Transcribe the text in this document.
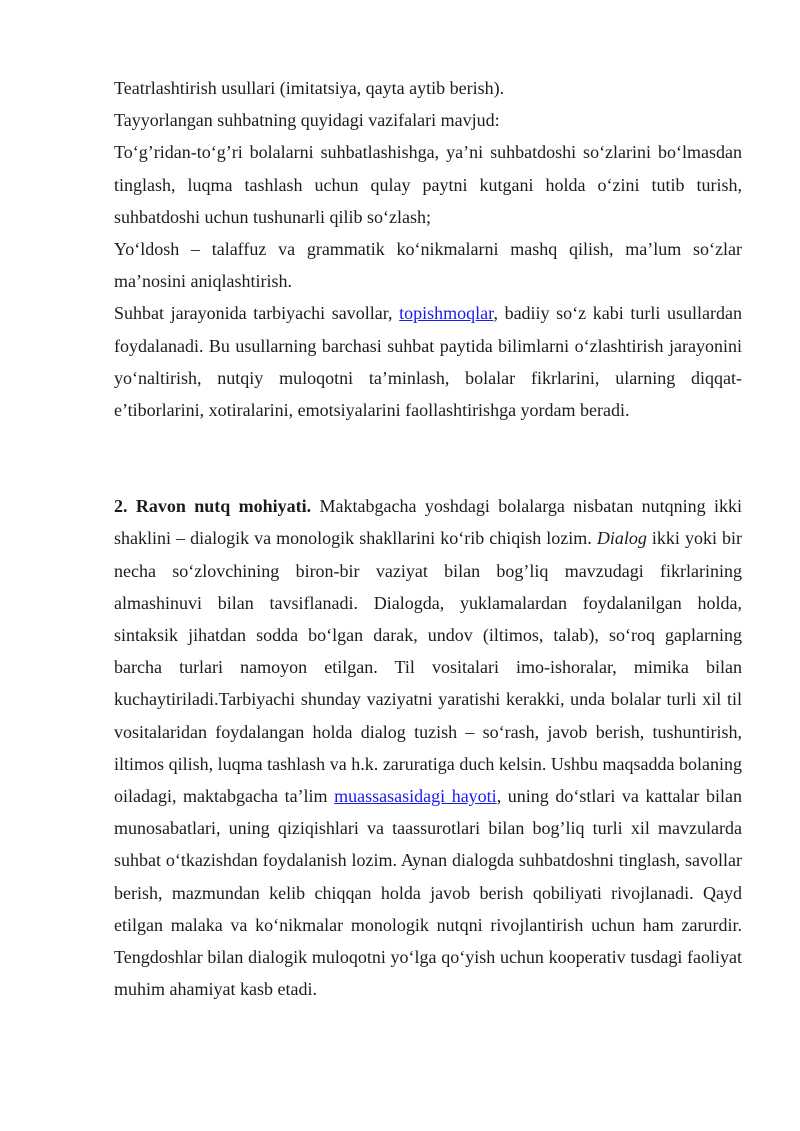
Teatrlashtirish usullari (imitatsiya, qayta aytib berish).

Tayyorlangan suhbatning quyidagi vazifalari mavjud:

To‘g’ridan-to‘g’ri bolalarni suhbatlashishga, ya’ni suhbatdoshi so‘zlarini bo‘lmasdan tinglash, luqma tashlash uchun qulay paytni kutgani holda o‘zini tutib turish, suhbatdoshi uchun tushunarli qilib so‘zlash;

Yo‘ldosh – talaffuz va grammatik ko‘nikmalarni mashq qilish, ma’lum so‘zlar ma’nosini aniqlashtirish.

Suhbat jarayonida tarbiyachi savollar, topishmoqlar, badiiy so‘z kabi turli usullardan foydalanadi. Bu usullarning barchasi suhbat paytida bilimlarni o‘zlashtirish jarayonini yo‘naltirish, nutqiy muloqotni ta’minlash, bolalar fikrlarini, ularning diqqat-e’tiborlarini, xotiralarini, emotsiyalarini faollashtirishga yordam beradi.

2. Ravon nutq mohiyati. Maktabgacha yoshdagi bolalarga nisbatan nutqning ikki shaklini – dialogik va monologik shakllarini ko‘rib chiqish lozim. Dialog ikki yoki bir necha so‘zlovchining biron-bir vaziyat bilan bog’liq mavzudagi fikrlarining almashinuvi bilan tavsiflanadi. Dialogda, yuklamalardan foydalanilgan holda, sintaksik jihatdan sodda bo‘lgan darak, undov (iltimos, talab), so‘roq gaplarning barcha turlari namoyon etilgan. Til vositalari imo-ishoralar, mimika bilan kuchaytiriladi.Tarbiyachi shunday vaziyatni yaratishi kerakki, unda bolalar turli xil til vositalaridan foydalangan holda dialog tuzish – so‘rash, javob berish, tushuntirish, iltimos qilish, luqma tashlash va h.k. zaruratiga duch kelsin. Ushbu maqsadda bolaning oiladagi, maktabgacha ta’lim muassasasidagi hayoti, uning do‘stlari va kattalar bilan munosabatlari, uning qiziqishlari va taassurotlari bilan bog’liq turli xil mavzularda suhbat o‘tkazishdan foydalanish lozim. Aynan dialogda suhbatdoshni tinglash, savollar berish, mazmundan kelib chiqqan holda javob berish qobiliyati rivojlanadi. Qayd etilgan malaka va ko‘nikmalar monologik nutqni rivojlantirish uchun ham zarurdir. Tengdoshlar bilan dialogik muloqotni yo‘lga qo‘yish uchun kooperativ tusdagi faoliyat muhim ahamiyat kasb etadi.
